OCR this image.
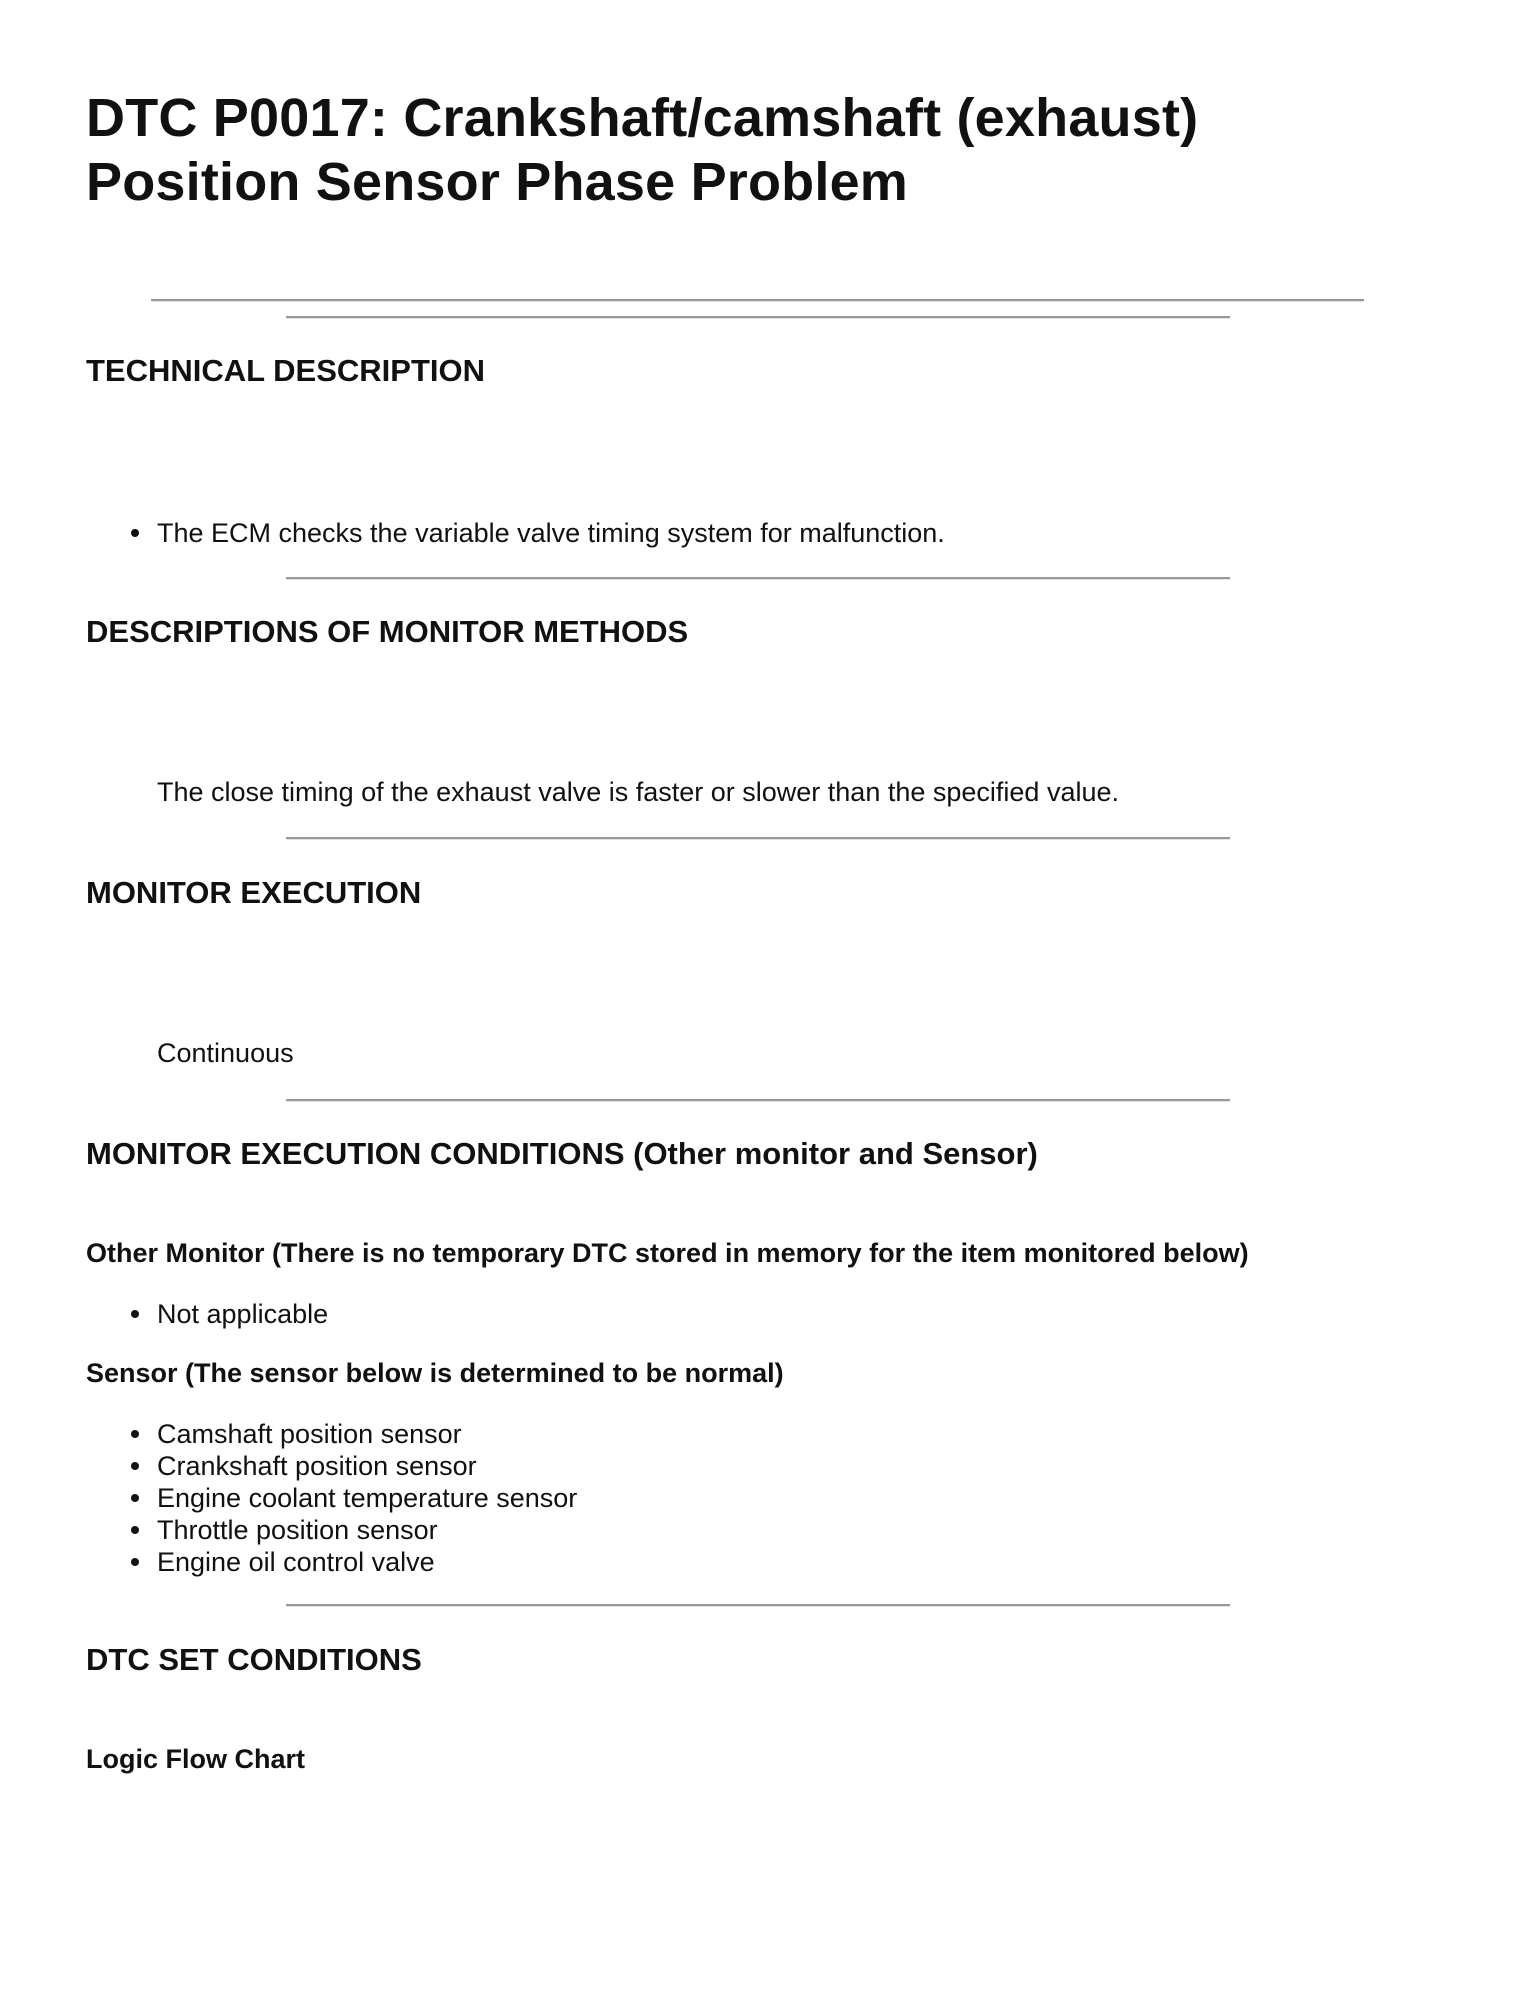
DTC P0017: Crankshaft/camshaft (exhaust)
Position Sensor Phase Problem
TECHNICAL DESCRIPTION
The ECM checks the variable valve timing system for malfunction.
DESCRIPTIONS OF MONITOR METHODS
The close timing of the exhaust valve is faster or slower than the specified value.
MONITOR EXECUTION
Continuous
MONITOR EXECUTION CONDITIONS (Other monitor and Sensor)
Other Monitor (There is no temporary DTC stored in memory for the item monitored below)
Not applicable
Sensor (The sensor below is determined to be normal)
Camshaft position sensor
Crankshaft position sensor
Engine coolant temperature sensor
Throttle position sensor
Engine oil control valve
DTC SET CONDITIONS
Logic Flow Chart
